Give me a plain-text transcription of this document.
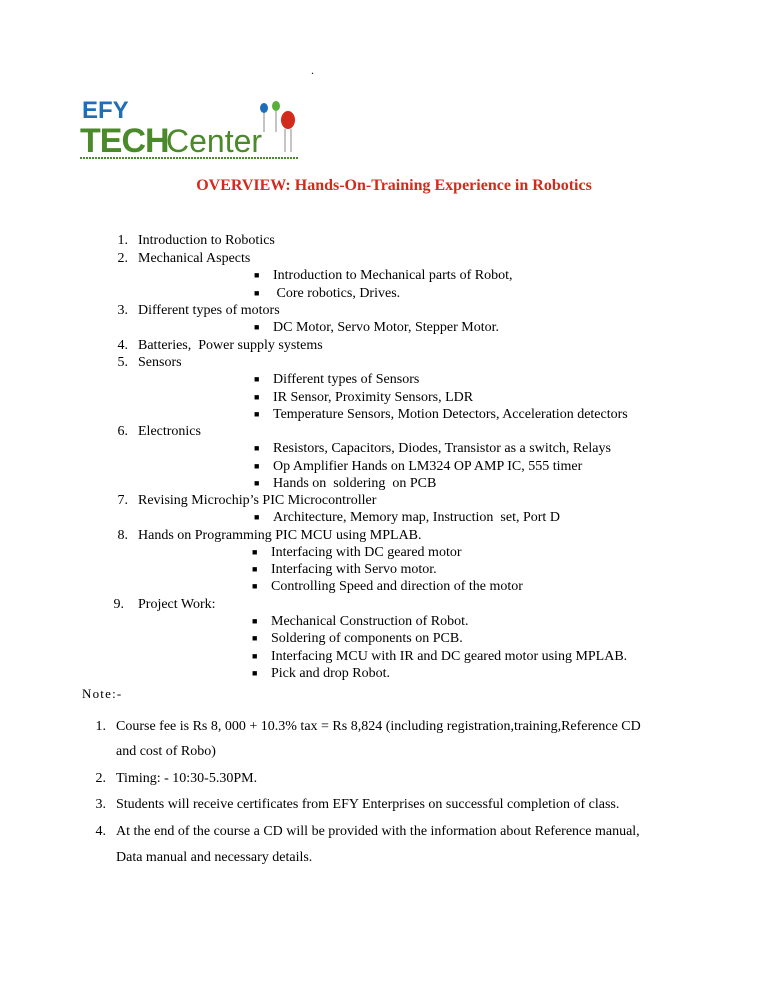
.
EFY
TECH
Center
OVERVIEW: Hands-On-Training Experience in Robotics
1. Introduction to Robotics
2. Mechanical Aspects
■ Introduction to Mechanical parts of Robot,
■ Core robotics, Drives.
3. Different types of motors
■ DC Motor, Servo Motor, Stepper Motor.
4. Batteries,  Power supply systems
5. Sensors
■ Different types of Sensors
■ IR Sensor, Proximity Sensors, LDR
■ Temperature Sensors, Motion Detectors, Acceleration detectors
6. Electronics
■ Resistors, Capacitors, Diodes, Transistor as a switch, Relays
■ Op Amplifier Hands on LM324 OP AMP IC, 555 timer
■ Hands on  soldering  on PCB
7. Revising Microchip’s PIC Microcontroller
■ Architecture, Memory map, Instruction  set, Port D
8. Hands on Programming PIC MCU using MPLAB.
■ Interfacing with DC geared motor
■ Interfacing with Servo motor.
■ Controlling Speed and direction of the motor
9. Project Work:
■ Mechanical Construction of Robot.
■ Soldering of components on PCB.
■ Interfacing MCU with IR and DC geared motor using MPLAB.
■ Pick and drop Robot.
Note:-
1. Course fee is Rs 8, 000 + 10.3% tax = Rs 8,824 (including registration,training,Reference CD
and cost of Robo)
2. Timing: - 10:30-5.30PM.
3. Students will receive certificates from EFY Enterprises on successful completion of class.
4. At the end of the course a CD will be provided with the information about Reference manual,
Data manual and necessary details.
